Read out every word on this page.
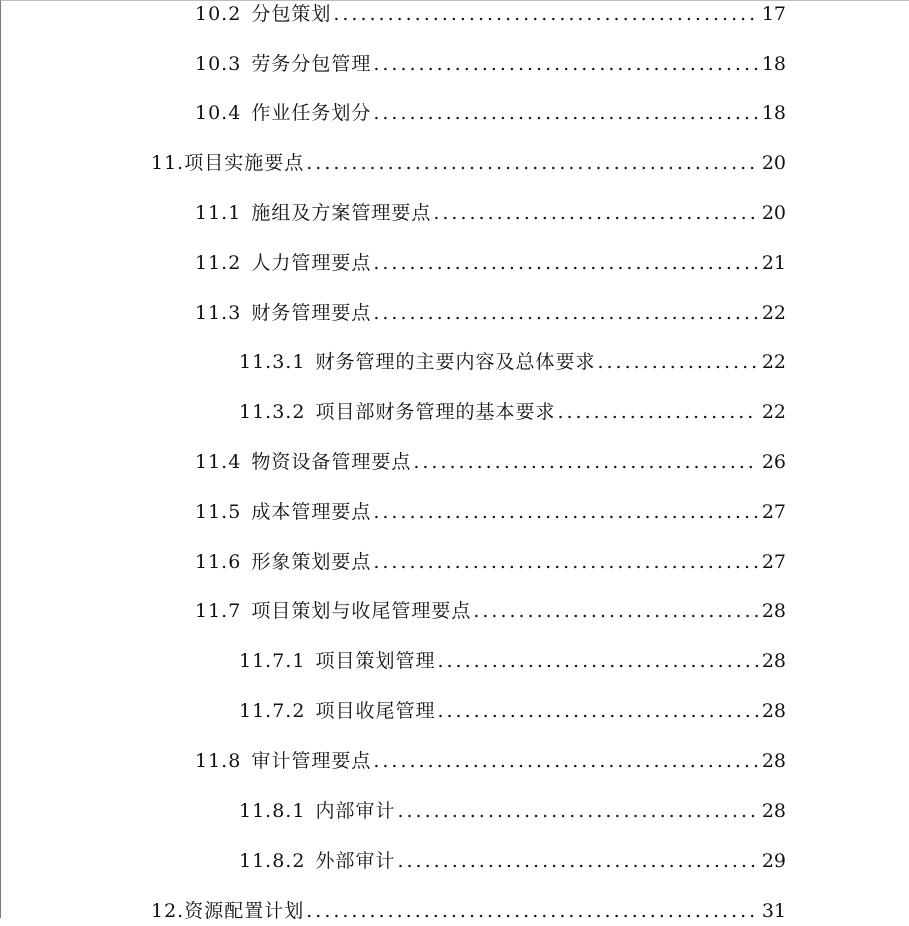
10.2 分包策划 .....	17
10.3 劳务分包管理 .....	18
10.4 作业任务划分 .....	18
11. 项目实施要点 .....	20
11.1 施组及方案管理要点 .....	20
11.2 人力管理要点 .....	21
11.3 财务管理要点 .....	22
11.3.1 财务管理的主要内容及总体要求 .....	22
11.3.2 项目部财务管理的基本要求 .....	22
11.4 物资设备管理要点 .....	26
11.5 成本管理要点 .....	27
11.6 形象策划要点 .....	27
11.7 项目策划与收尾管理要点 .....	28
11.7.1 项目策划管理 .....	28
11.7.2 项目收尾管理 .....	28
11.8 审计管理要点 .....	28
11.8.1 内部审计 .....	28
11.8.2 外部审计 .....	29
12. 资源配置计划 .....	31
